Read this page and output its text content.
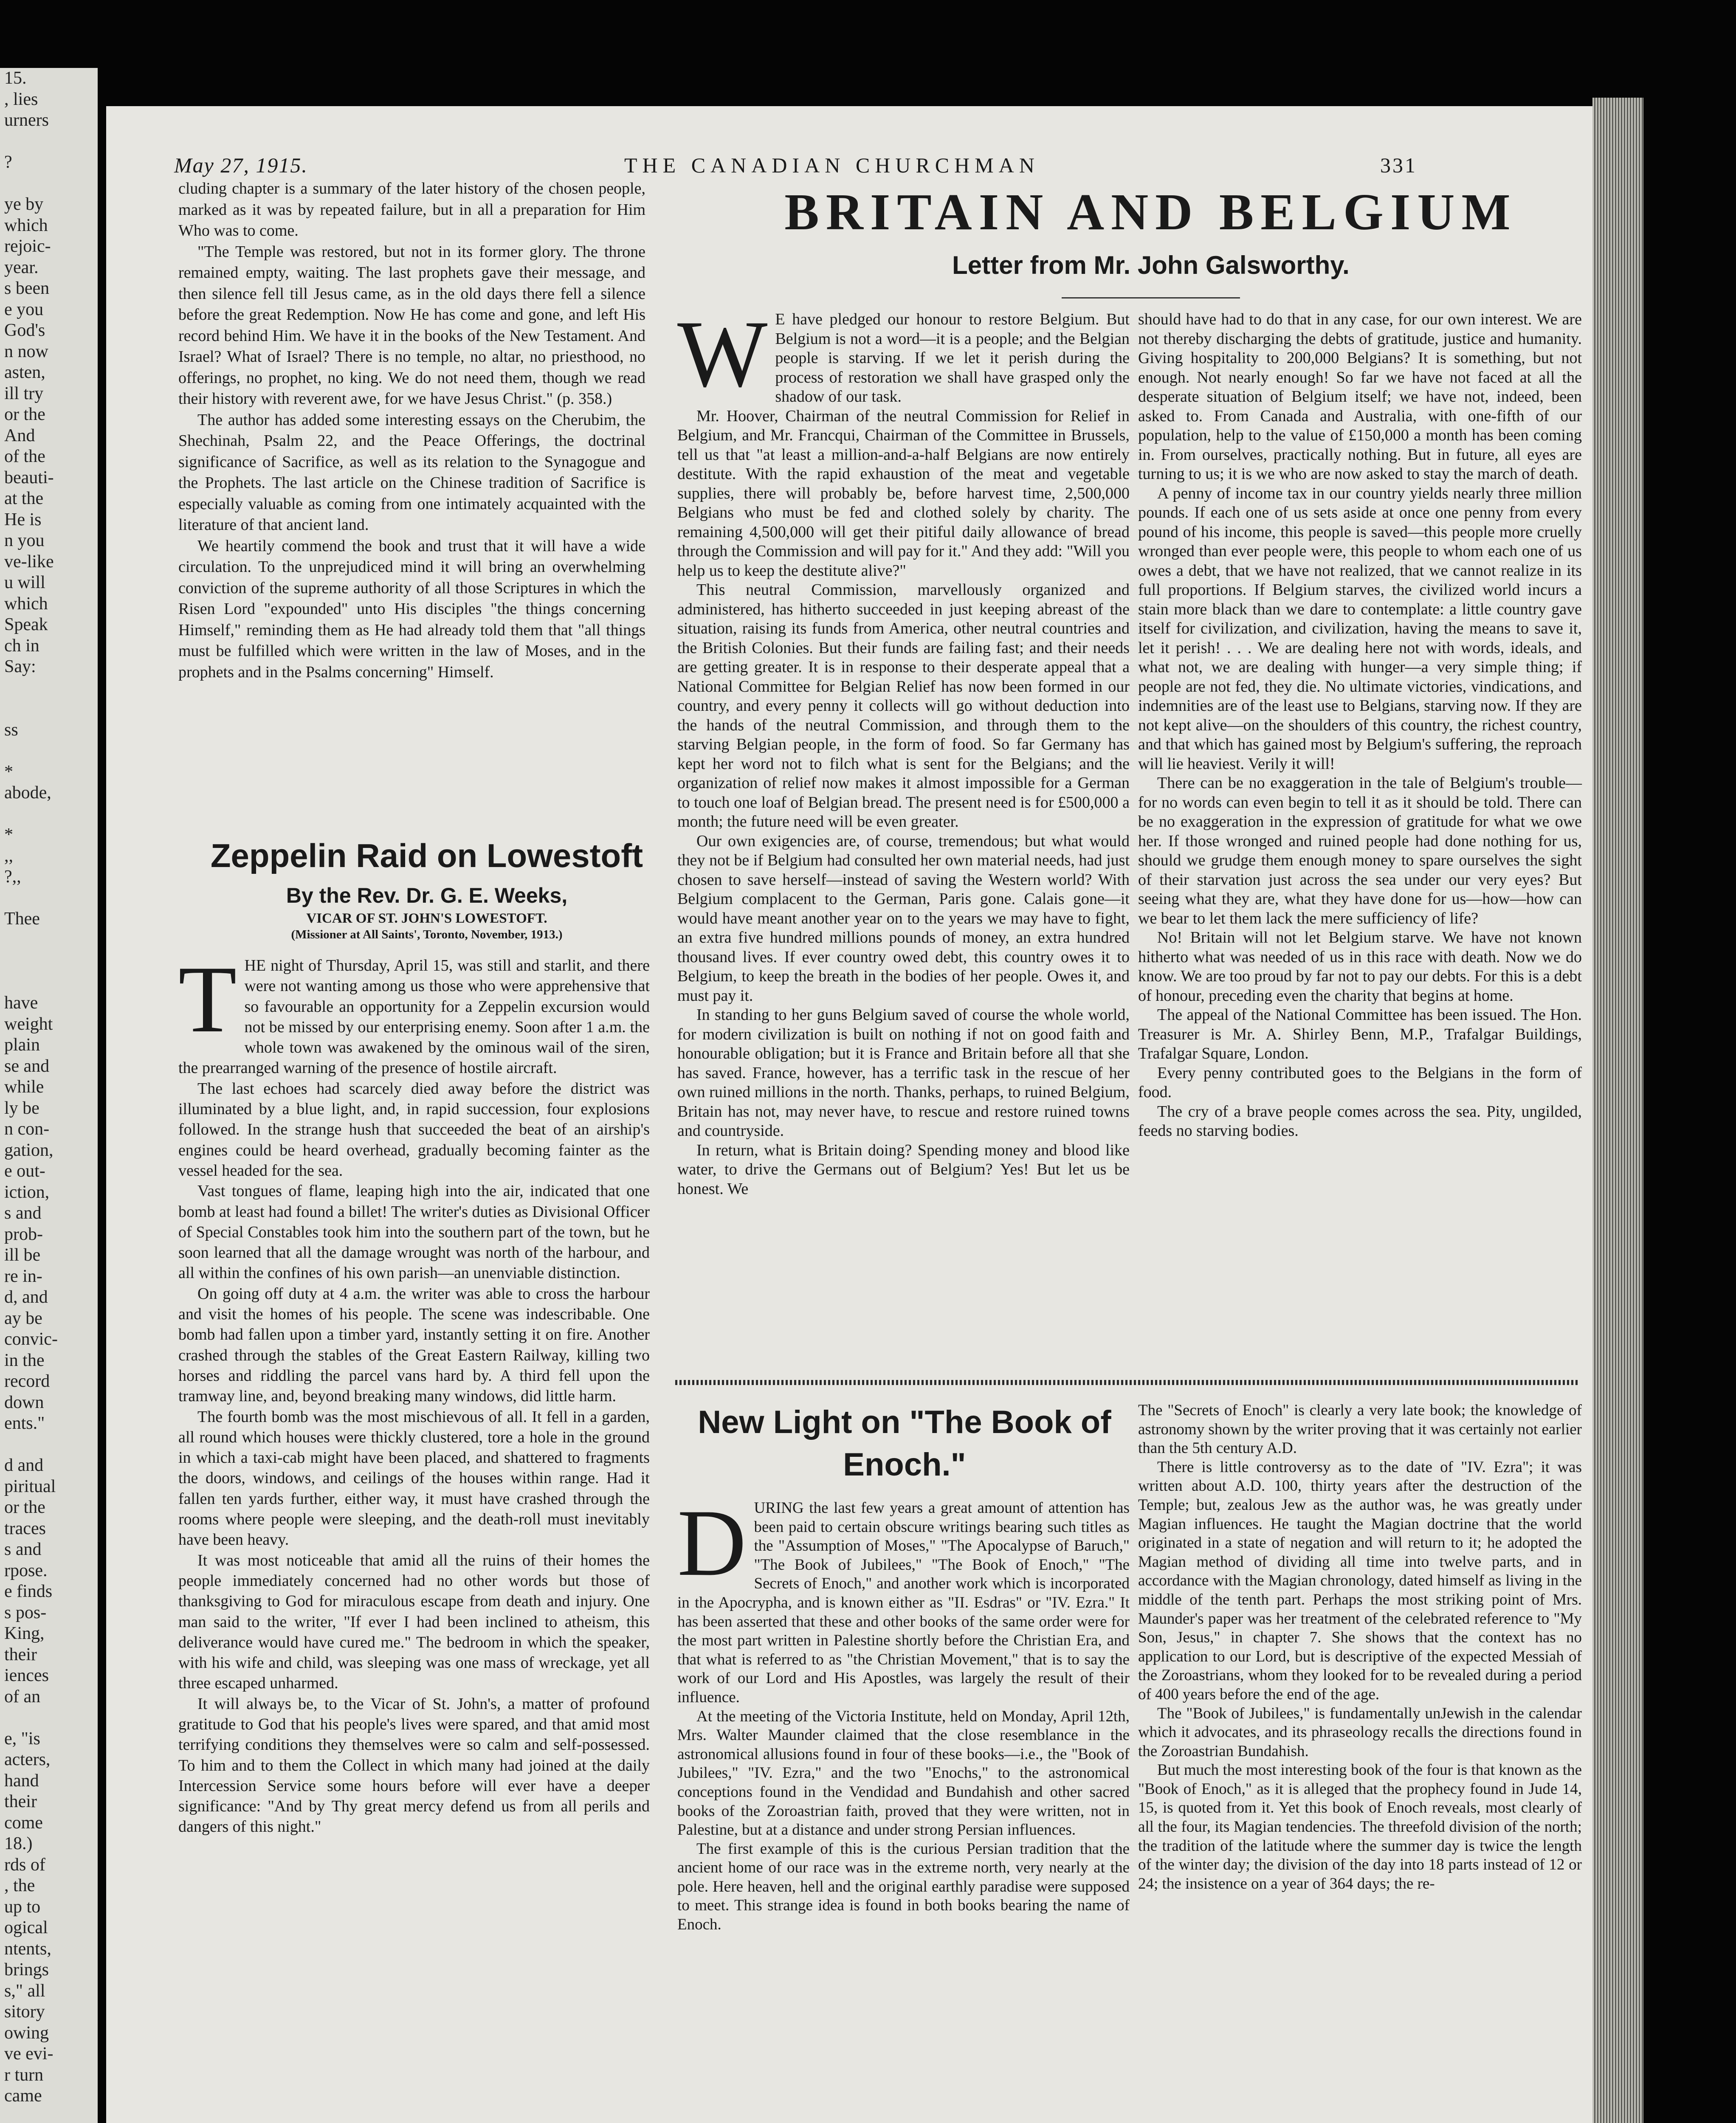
15.
, lies
urners

?

ye by
which
rejoic-
year.
s been
e you
God's
n now
asten,
ill try
or the
And
of the
beauti-
at the
He is
n you
ve-like
u will
which
Speak
ch in
Say:

ss

*
abode,

*
,,
?,,

Thee

have
weight
plain
se and
while
ly be
n con-
gation,
e out-
iction,
s and
prob-
ill be
re in-
d, and
ay be
convic-
in the
record
down
ents."

d and
piritual
or the
traces
s and
rpose.
e finds
s pos-
King,
their
iences
of an

e, "is
acters,
hand
their
come
18.)
rds of
, the
up to
ogical
ntents,
brings
s," all
sitory
owing
ve evi-
r turn
came

May 27, 1915.	THE CANADIAN CHURCHMAN	331

cluding chapter is a summary of the later history of the chosen people, marked as it was by repeated failure, but in all a preparation for Him Who was to come.

"The Temple was restored, but not in its former glory. The throne remained empty, waiting. The last prophets gave their message, and then silence fell till Jesus came, as in the old days there fell a silence before the great Redemption. Now He has come and gone, and left His record behind Him. We have it in the books of the New Testament. And Israel? What of Israel? There is no temple, no altar, no priesthood, no offerings, no prophet, no king. We do not need them, though we read their history with reverent awe, for we have Jesus Christ." (p. 358.)

The author has added some interesting essays on the Cherubim, the Shechinah, Psalm 22, and the Peace Offerings, the doctrinal significance of Sacrifice, as well as its relation to the Synagogue and the Prophets. The last article on the Chinese tradition of Sacrifice is especially valuable as coming from one intimately acquainted with the literature of that ancient land.

We heartily commend the book and trust that it will have a wide circulation. To the unprejudiced mind it will bring an overwhelming conviction of the supreme authority of all those Scriptures in which the Risen Lord "expounded" unto His disciples "the things concerning Himself," reminding them as He had already told them that "all things must be fulfilled which were written in the law of Moses, and in the prophets and in the Psalms concerning" Himself.

Zeppelin Raid on Lowestoft
By the Rev. Dr. G. E. Weeks,
VICAR OF ST. JOHN'S LOWESTOFT.
(Missioner at All Saints', Toronto, November, 1913.)

THE night of Thursday, April 15, was still and starlit, and there were not wanting among us those who were apprehensive that so favourable an opportunity for a Zeppelin excursion would not be missed by our enterprising enemy. Soon after 1 a.m. the whole town was awakened by the ominous wail of the siren, the prearranged warning of the presence of hostile aircraft.

The last echoes had scarcely died away before the district was illuminated by a blue light, and, in rapid succession, four explosions followed. In the strange hush that succeeded the beat of an airship's engines could be heard overhead, gradually becoming fainter as the vessel headed for the sea.

Vast tongues of flame, leaping high into the air, indicated that one bomb at least had found a billet! The writer's duties as Divisional Officer of Special Constables took him into the southern part of the town, but he soon learned that all the damage wrought was north of the harbour, and all within the confines of his own parish—an unenviable distinction.

On going off duty at 4 a.m. the writer was able to cross the harbour and visit the homes of his people. The scene was indescribable. One bomb had fallen upon a timber yard, instantly setting it on fire. Another crashed through the stables of the Great Eastern Railway, killing two horses and riddling the parcel vans hard by. A third fell upon the tramway line, and, beyond breaking many windows, did little harm.

The fourth bomb was the most mischievous of all. It fell in a garden, all round which houses were thickly clustered, tore a hole in the ground in which a taxi-cab might have been placed, and shattered to fragments the doors, windows, and ceilings of the houses within range. Had it fallen ten yards further, either way, it must have crashed through the rooms where people were sleeping, and the death-roll must inevitably have been heavy.

It was most noticeable that amid all the ruins of their homes the people immediately concerned had no other words but those of thanksgiving to God for miraculous escape from death and injury. One man said to the writer, "If ever I had been inclined to atheism, this deliverance would have cured me." The bedroom in which the speaker, with his wife and child, was sleeping was one mass of wreckage, yet all three escaped unharmed.

It will always be, to the Vicar of St. John's, a matter of profound gratitude to God that his people's lives were spared, and that amid most terrifying conditions they themselves were so calm and self-possessed. To him and to them the Collect in which many had joined at the daily Intercession Service some hours before will ever have a deeper significance: "And by Thy great mercy defend us from all perils and dangers of this night."

BRITAIN AND BELGIUM
Letter from Mr. John Galsworthy.

W E have pledged our honour to restore Belgium. But Belgium is not a word—it is a people; and the Belgian people is starving. If we let it perish during the process of restoration we shall have grasped only the shadow of our task.

Mr. Hoover, Chairman of the neutral Commission for Relief in Belgium, and Mr. Francqui, Chairman of the Committee in Brussels, tell us that "at least a million-and-a-half Belgians are now entirely destitute. With the rapid exhaustion of the meat and vegetable supplies, there will probably be, before harvest time, 2,500,000 Belgians who must be fed and clothed solely by charity. The remaining 4,500,000 will get their pitiful daily allowance of bread through the Commission and will pay for it." And they add: "Will you help us to keep the destitute alive?"

This neutral Commission, marvellously organized and administered, has hitherto succeeded in just keeping abreast of the situation, raising its funds from America, other neutral countries and the British Colonies. But their funds are failing fast; and their needs are getting greater. It is in response to their desperate appeal that a National Committee for Belgian Relief has now been formed in our country, and every penny it collects will go without deduction into the hands of the neutral Commission, and through them to the starving Belgian people, in the form of food. So far Germany has kept her word not to filch what is sent for the Belgians; and the organization of relief now makes it almost impossible for a German to touch one loaf of Belgian bread. The present need is for £500,000 a month; the future need will be even greater.

Our own exigencies are, of course, tremendous; but what would they not be if Belgium had consulted her own material needs, had just chosen to save herself—instead of saving the Western world? With Belgium complacent to the German, Paris gone. Calais gone—it would have meant another year on to the years we may have to fight, an extra five hundred millions pounds of money, an extra hundred thousand lives. If ever country owed debt, this country owes it to Belgium, to keep the breath in the bodies of her people. Owes it, and must pay it.

In standing to her guns Belgium saved of course the whole world, for modern civilization is built on nothing if not on good faith and honourable obligation; but it is France and Britain before all that she has saved. France, however, has a terrific task in the rescue of her own ruined millions in the north. Thanks, perhaps, to ruined Belgium, Britain has not, may never have, to rescue and restore ruined towns and countryside.

In return, what is Britain doing? Spending money and blood like water, to drive the Germans out of Belgium? Yes! But let us be honest. We

should have had to do that in any case, for our own interest. We are not thereby discharging the debts of gratitude, justice and humanity. Giving hospitality to 200,000 Belgians? It is something, but not enough. Not nearly enough! So far we have not faced at all the desperate situation of Belgium itself; we have not, indeed, been asked to. From Canada and Australia, with one-fifth of our population, help to the value of £150,000 a month has been coming in. From ourselves, practically nothing. But in future, all eyes are turning to us; it is we who are now asked to stay the march of death.

A penny of income tax in our country yields nearly three million pounds. If each one of us sets aside at once one penny from every pound of his income, this people is saved—this people more cruelly wronged than ever people were, this people to whom each one of us owes a debt, that we have not realized, that we cannot realize in its full proportions. If Belgium starves, the civilized world incurs a stain more black than we dare to contemplate: a little country gave itself for civilization, and civilization, having the means to save it, let it perish! . . . We are dealing here not with words, ideals, and what not, we are dealing with hunger—a very simple thing; if people are not fed, they die. No ultimate victories, vindications, and indemnities are of the least use to Belgians, starving now. If they are not kept alive—on the shoulders of this country, the richest country, and that which has gained most by Belgium's suffering, the reproach will lie heaviest. Verily it will!

There can be no exaggeration in the tale of Belgium's trouble—for no words can even begin to tell it as it should be told. There can be no exaggeration in the expression of gratitude for what we owe her. If those wronged and ruined people had done nothing for us, should we grudge them enough money to spare ourselves the sight of their starvation just across the sea under our very eyes? But seeing what they are, what they have done for us—how—how can we bear to let them lack the mere sufficiency of life?

No! Britain will not let Belgium starve. We have not known hitherto what was needed of us in this race with death. Now we do know. We are too proud by far not to pay our debts. For this is a debt of honour, preceding even the charity that begins at home.

The appeal of the National Committee has been issued. The Hon. Treasurer is Mr. A. Shirley Benn, M.P., Trafalgar Buildings, Trafalgar Square, London.

Every penny contributed goes to the Belgians in the form of food.

The cry of a brave people comes across the sea. Pity, ungilded, feeds no starving bodies.

New Light on "The Book of Enoch."

DURING the last few years a great amount of attention has been paid to certain obscure writings bearing such titles as the "Assumption of Moses," "The Apocalypse of Baruch," "The Book of Jubilees," "The Book of Enoch," "The Secrets of Enoch," and another work which is incorporated in the Apocrypha, and is known either as "II. Esdras" or "IV. Ezra." It has been asserted that these and other books of the same order were for the most part written in Palestine shortly before the Christian Era, and that what is referred to as "the Christian Movement," that is to say the work of our Lord and His Apostles, was largely the result of their influence.

At the meeting of the Victoria Institute, held on Monday, April 12th, Mrs. Walter Maunder claimed that the close resemblance in the astronomical allusions found in four of these books—i.e., the "Book of Jubilees," "IV. Ezra," and the two "Enochs," to the astronomical conceptions found in the Vendidad and Bundahish and other sacred books of the Zoroastrian faith, proved that they were written, not in Palestine, but at a distance and under strong Persian influences.

The first example of this is the curious Persian tradition that the ancient home of our race was in the extreme north, very nearly at the pole. Here heaven, hell and the original earthly paradise were supposed to meet. This strange idea is found in both books bearing the name of Enoch.

The "Secrets of Enoch" is clearly a very late book; the knowledge of astronomy shown by the writer proving that it was certainly not earlier than the 5th century A.D.

There is little controversy as to the date of "IV. Ezra"; it was written about A.D. 100, thirty years after the destruction of the Temple; but, zealous Jew as the author was, he was greatly under Magian influences. He taught the Magian doctrine that the world originated in a state of negation and will return to it; he adopted the Magian method of dividing all time into twelve parts, and in accordance with the Magian chronology, dated himself as living in the middle of the tenth part. Perhaps the most striking point of Mrs. Maunder's paper was her treatment of the celebrated reference to "My Son, Jesus," in chapter 7. She shows that the context has no application to our Lord, but is descriptive of the expected Messiah of the Zoroastrians, whom they looked for to be revealed during a period of 400 years before the end of the age.

The "Book of Jubilees," is fundamentally unJewish in the calendar which it advocates, and its phraseology recalls the directions found in the Zoroastrian Bundahish.

But much the most interesting book of the four is that known as the "Book of Enoch," as it is alleged that the prophecy found in Jude 14, 15, is quoted from it. Yet this book of Enoch reveals, most clearly of all the four, its Magian tendencies. The threefold division of the north; the tradition of the latitude where the summer day is twice the length of the winter day; the division of the day into 18 parts instead of 12 or 24; the insistence on a year of 364 days; the re-
